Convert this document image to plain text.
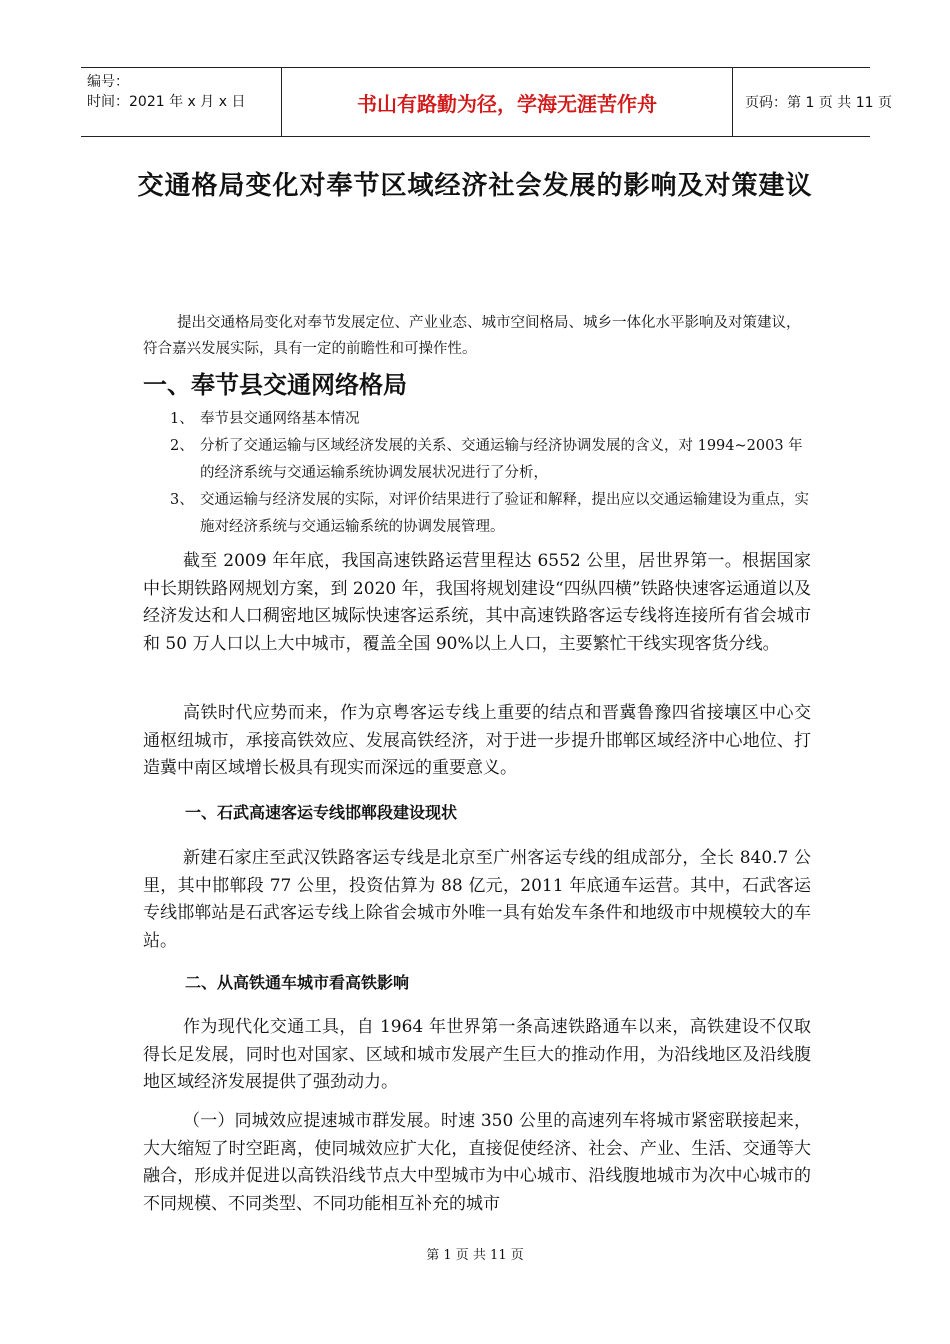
编号：
时间：2021 年 x 月 x 日	书山有路勤为径，学海无涯苦作舟	页码：第 1 页 共 11 页
交通格局变化对奉节区域经济社会发展的影响及对策建议
提出交通格局变化对奉节发展定位、产业业态、城市空间格局、城乡一体化水平影响及对策建议，符合嘉兴发展实际，具有一定的前瞻性和可操作性。
一、奉节县交通网络格局
1、 奉节县交通网络基本情况
2、 分析了交通运输与区域经济发展的关系、交通运输与经济协调发展的含义，对 1994~2003 年的经济系统与交通运输系统协调发展状况进行了分析，
3、 交通运输与经济发展的实际，对评价结果进行了验证和解释，提出应以交通运输建设为重点，实施对经济系统与交通运输系统的协调发展管理。
截至 2009 年年底，我国高速铁路运营里程达 6552 公里，居世界第一。根据国家中长期铁路网规划方案，到 2020 年，我国将规划建设“四纵四横”铁路快速客运通道以及经济发达和人口稠密地区城际快速客运系统，其中高速铁路客运专线将连接所有省会城市和 50 万人口以上大中城市，覆盖全国 90%以上人口，主要繁忙干线实现客货分线。
高铁时代应势而来，作为京粤客运专线上重要的结点和晋冀鲁豫四省接壤区中心交通枢纽城市，承接高铁效应、发展高铁经济，对于进一步提升邯郸区域经济中心地位、打造冀中南区域增长极具有现实而深远的重要意义。
一、石武高速客运专线邯郸段建设现状
新建石家庄至武汉铁路客运专线是北京至广州客运专线的组成部分，全长 840.7 公里，其中邯郸段 77 公里，投资估算为 88 亿元，2011 年底通车运营。其中，石武客运专线邯郸站是石武客运专线上除省会城市外唯一具有始发车条件和地级市中规模较大的车站。
二、从高铁通车城市看高铁影响
作为现代化交通工具，自 1964 年世界第一条高速铁路通车以来，高铁建设不仅取得长足发展，同时也对国家、区域和城市发展产生巨大的推动作用，为沿线地区及沿线腹地区域经济发展提供了强劲动力。
（一）同城效应提速城市群发展。时速 350 公里的高速列车将城市紧密联接起来，大大缩短了时空距离，使同城效应扩大化，直接促使经济、社会、产业、生活、交通等大融合，形成并促进以高铁沿线节点大中型城市为中心城市、沿线腹地城市为次中心城市的不同规模、不同类型、不同功能相互补充的城市
第 1 页 共 11 页
